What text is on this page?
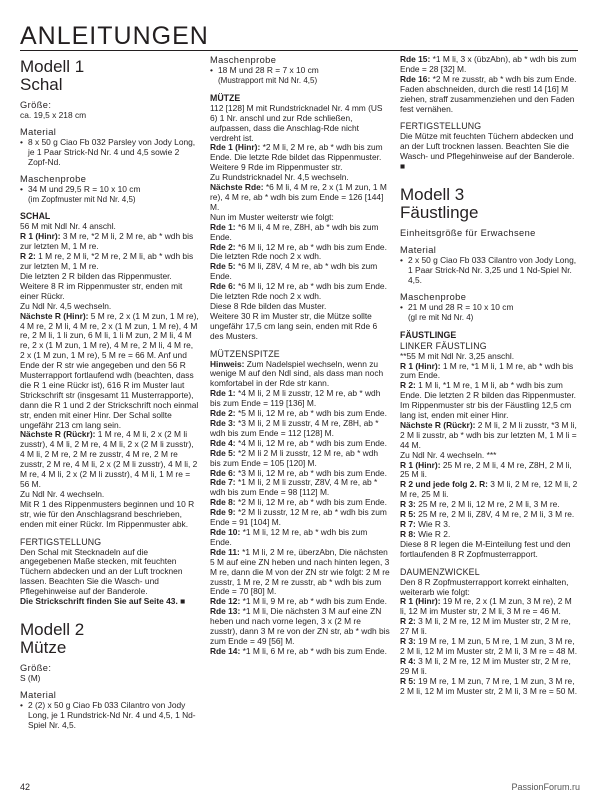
ANLEITUNGEN
Modell 1
Schal
Größe:

ca. 19,5 x 218 cm

Material
• 8 x 50 g Ciao Fb 032 Parsley von Jody Long, je 1 Paar Strick-Nd Nr. 4 und 4,5 sowie 2 Zopf-Nd.
Maschenprobe
• 34 M und 29,5 R = 10 x 10 cm
(im Zopfmuster mit Nd Nr. 4,5)
SCHAL

56 M mit Ndl Nr. 4 anschl.

R 1 (Hinr): 3 M re, *2 M li, 2 M re, ab * wdh bis zur letzten M, 1 M re.

R 2: 1 M re, 2 M li, *2 M re, 2 M li, ab * wdh bis zur letzten M, 1 M re.

Die letzten 2 R bilden das Rippenmuster.

Weitere 8 R im Rippenmuster str, enden mit einer Rückr.

Zu Ndl Nr. 4,5 wechseln.

Nächste R (Hinr): 5 M re, 2 x (1 M zun, 1 M re), 4 M re, 2 M li, 4 M re, 2 x (1 M zun, 1 M re), 4 M re, 2 M li, 1 li zun, 6 M li, 1 li M zun, 2 M li, 4 M re, 2 x (1 M zun, 1 M re), 4 M re, 2 M li, 4 M re, 2 x (1 M zun, 1 M re), 5 M re = 66 M. Anf und Ende der R str wie angegeben und den 56 R Musterrapport fortlaufend wdh (beachten, dass die R 1 eine Rückr ist), 616 R im Muster laut Strickschrift str (insgesamt 11 Musterrapporte), dann die R 1 und 2 der Strickschrift noch einmal str, enden mit einer Hinr. Der Schal sollte ungefähr 213 cm lang sein.

Nächste R (Rückr): 1 M re, 4 M li, 2 x (2 M li zusstr), 4 M li, 2 M re, 4 M li, 2 x (2 M li zusstr), 4 M li, 2 M re, 2 M re zusstr, 4 M re, 2 M re zusstr, 2 M re, 4 M li, 2 x (2 M li zusstr), 4 M li, 2 M re, 4 M li, 2 x (2 M li zusstr), 4 M li, 1 M re = 56 M.

Zu Ndl Nr. 4 wechseln.

Mit R 1 des Rippenmusters beginnen und 10 R str, wie für den Anschlagsrand beschrieben, enden mit einer Rückr. Im Rippenmuster abk.

FERTIGSTELLUNG

Den Schal mit Stecknadeln auf die angegebenen Maße stecken, mit feuchten Tüchern abdecken und an der Luft trocknen lassen. Beachten Sie die Wasch- und Pflegehinweise auf der Banderole.

Die Strickschrift finden Sie auf Seite 43. ■

Modell 2
Mütze
Größe:

S (M)

Material
• 2 (2) x 50 g Ciao Fb 033 Cilantro von Jody Long, je 1 Rundstrick-Nd Nr. 4 und 4,5, 1 Nd-Spiel Nr. 4,5.
Maschenprobe
• 18 M und 28 R = 7 x 10 cm
(Mustrapport mit Nd Nr. 4,5)
MÜTZE

112 [128] M mit Rundstricknadel Nr. 4 mm (US 6) 1 Nr. anschl und zur Rde schließen, aufpassen, dass die Anschlag-Rde nicht verdreht ist.

Rde 1 (Hinr): *2 M li, 2 M re, ab * wdh bis zum Ende. Die letzte Rde bildet das Rippenmuster.

Weitere 9 Rde im Rippenmuster str.

Zu Rundstricknadel Nr. 4,5 wechseln.

Nächste Rde: *6 M li, 4 M re, 2 x (1 M zun, 1 M re), 4 M re, ab * wdh bis zum Ende = 126 [144] M.

Nun im Muster weiterstr wie folgt:

Rde 1: *6 M li, 4 M re, Z8H, ab * wdh bis zum Ende.

Rde 2: *6 M li, 12 M re, ab * wdh bis zum Ende.

Die letzten Rde noch 2 x wdh.

Rde 5: *6 M li, Z8V, 4 M re, ab * wdh bis zum Ende.

Rde 6: *6 M li, 12 M re, ab * wdh bis zum Ende.

Die letzten Rde noch 2 x wdh.

Diese 8 Rde bilden das Muster.

Weitere 30 R im Muster str, die Mütze sollte ungefähr 17,5 cm lang sein, enden mit Rde 6 des Musters.

MÜTZENSPITZE

Hinweis: Zum Nadelspiel wechseln, wenn zu wenige M auf den Ndl sind, als dass man noch komfortabel in der Rde str kann.

Rde 1: *4 M li, 2 M li zusstr, 12 M re, ab * wdh bis zum Ende = 119 [136] M.

Rde 2: *5 M li, 12 M re, ab * wdh bis zum Ende.

Rde 3: *3 M li, 2 M li zusstr, 4 M re, Z8H, ab * wdh bis zum Ende = 112 [128] M.

Rde 4: *4 M li, 12 M re, ab * wdh bis zum Ende.

Rde 5: *2 M li 2 M li zusstr, 12 M re, ab * wdh bis zum Ende = 105 [120] M.

Rde 6: *3 M li, 12 M re, ab * wdh bis zum Ende.

Rde 7: *1 M li, 2 M li zusstr, Z8V, 4 M re, ab * wdh bis zum Ende = 98 [112] M.

Rde 8: *2 M li, 12 M re, ab * wdh bis zum Ende.

Rde 9: *2 M li zusstr, 12 M re, ab * wdh bis zum Ende = 91 [104] M.

Rde 10: *1 M li, 12 M re, ab * wdh bis zum Ende.

Rde 11: *1 M li, 2 M re, überzAbn, Die nächsten 5 M auf eine ZN heben und nach hinten legen, 3 M re, dann die M von der ZN str wie folgt: 2 M re zusstr, 1 M re, 2 M re zusstr, ab * wdh bis zum Ende = 70 [80] M.

Rde 12: *1 M li, 9 M re, ab * wdh bis zum Ende.

Rde 13: *1 M li, Die nächsten 3 M auf eine ZN heben und nach vorne legen, 3 x (2 M re zusstr), dann 3 M re von der ZN str, ab * wdh bis zum Ende = 49 [56] M.

Rde 14: *1 M li, 6 M re, ab * wdh bis zum Ende.

Rde 15: *1 M li, 3 x (übzAbn), ab * wdh bis zum Ende = 28 [32] M.

Rde 16: *2 M re zusstr, ab * wdh bis zum Ende. Faden abschneiden, durch die restl 14 [16] M ziehen, straff zusammenziehen und den Faden fest vernähen.

FERTIGSTELLUNG

Die Mütze mit feuchten Tüchern abdecken und an der Luft trocknen lassen. Beachten Sie die Wasch- und Pflegehinweise auf der Banderole. ■

Modell 3
Fäustlinge
Einheitsgröße für Erwachsene
Material
• 2 x 50 g Ciao Fb 033 Cilantro von Jody Long, 1 Paar Strick-Nd Nr. 3,25 und 1 Nd-Spiel Nr. 4,5.
Maschenprobe
• 21 M und 28 R = 10 x 10 cm
(gl re mit Nd Nr. 4)
FÄUSTLINGE
LINKER FÄUSTLING

**55 M mit Ndl Nr. 3,25 anschl.

R 1 (Hinr): 1 M re, *1 M li, 1 M re, ab * wdh bis zum Ende.

R 2: 1 M li, *1 M re, 1 M li, ab * wdh bis zum Ende. Die letzten 2 R bilden das Rippenmuster.

Im Rippenmuster str bis der Fäustling 12,5 cm lang ist, enden mit einer Hinr.

Nächste R (Rückr): 2 M li, 2 M li zusstr, *3 M li, 2 M li zusstr, ab * wdh bis zur letzten M, 1 M li = 44 M.

Zu Ndl Nr. 4 wechseln. ***

R 1 (Hinr): 25 M re, 2 M li, 4 M re, Z8H, 2 M li, 25 M li.

R 2 und jede folg 2. R: 3 M li, 2 M re, 12 M li, 2 M re, 25 M li.

R 3: 25 M re, 2 M li, 12 M re, 2 M li, 3 M re.

R 5: 25 M re, 2 M li, Z8V, 4 M re, 2 M li, 3 M re.

R 7: Wie R 3.

R 8: Wie R 2.

Diese 8 R legen die M-Einteilung fest und den fortlaufenden 8 R Zopfmusterrapport.

DAUMENZWICKEL

Den 8 R Zopfmusterrapport korrekt einhalten, weiterarb wie folgt:

R 1 (Hinr): 19 M re, 2 x (1 M zun, 3 M re), 2 M li, 12 M im Muster str, 2 M li, 3 M re = 46 M.

R 2: 3 M li, 2 M re, 12 M im Muster str, 2 M re, 27 M li.

R 3: 19 M re, 1 M zun, 5 M re, 1 M zun, 3 M re, 2 M li, 12 M im Muster str, 2 M li, 3 M re = 48 M.

R 4: 3 M li, 2 M re, 12 M im Muster str, 2 M re, 29 M li.

R 5: 19 M re, 1 M zun, 7 M re, 1 M zun, 3 M re, 2 M li, 12 M im Muster str, 2 M li, 3 M re = 50 M.

42	PassionForum.ru
